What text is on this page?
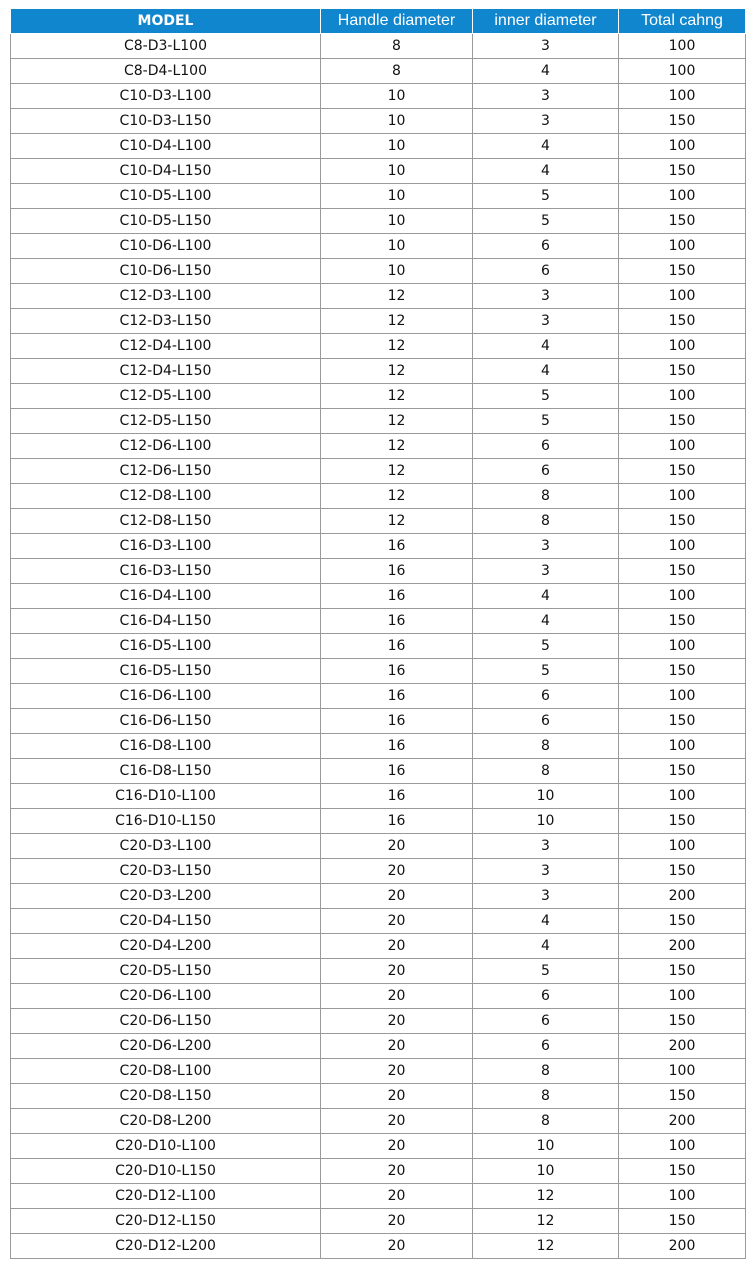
MODEL	Handle diameter	inner diameter	Total cahng
C8-D3-L100	8	3	100
C8-D4-L100	8	4	100
C10-D3-L100	10	3	100
C10-D3-L150	10	3	150
C10-D4-L100	10	4	100
C10-D4-L150	10	4	150
C10-D5-L100	10	5	100
C10-D5-L150	10	5	150
C10-D6-L100	10	6	100
C10-D6-L150	10	6	150
C12-D3-L100	12	3	100
C12-D3-L150	12	3	150
C12-D4-L100	12	4	100
C12-D4-L150	12	4	150
C12-D5-L100	12	5	100
C12-D5-L150	12	5	150
C12-D6-L100	12	6	100
C12-D6-L150	12	6	150
C12-D8-L100	12	8	100
C12-D8-L150	12	8	150
C16-D3-L100	16	3	100
C16-D3-L150	16	3	150
C16-D4-L100	16	4	100
C16-D4-L150	16	4	150
C16-D5-L100	16	5	100
C16-D5-L150	16	5	150
C16-D6-L100	16	6	100
C16-D6-L150	16	6	150
C16-D8-L100	16	8	100
C16-D8-L150	16	8	150
C16-D10-L100	16	10	100
C16-D10-L150	16	10	150
C20-D3-L100	20	3	100
C20-D3-L150	20	3	150
C20-D3-L200	20	3	200
C20-D4-L150	20	4	150
C20-D4-L200	20	4	200
C20-D5-L150	20	5	150
C20-D6-L100	20	6	100
C20-D6-L150	20	6	150
C20-D6-L200	20	6	200
C20-D8-L100	20	8	100
C20-D8-L150	20	8	150
C20-D8-L200	20	8	200
C20-D10-L100	20	10	100
C20-D10-L150	20	10	150
C20-D12-L100	20	12	100
C20-D12-L150	20	12	150
C20-D12-L200	20	12	200
